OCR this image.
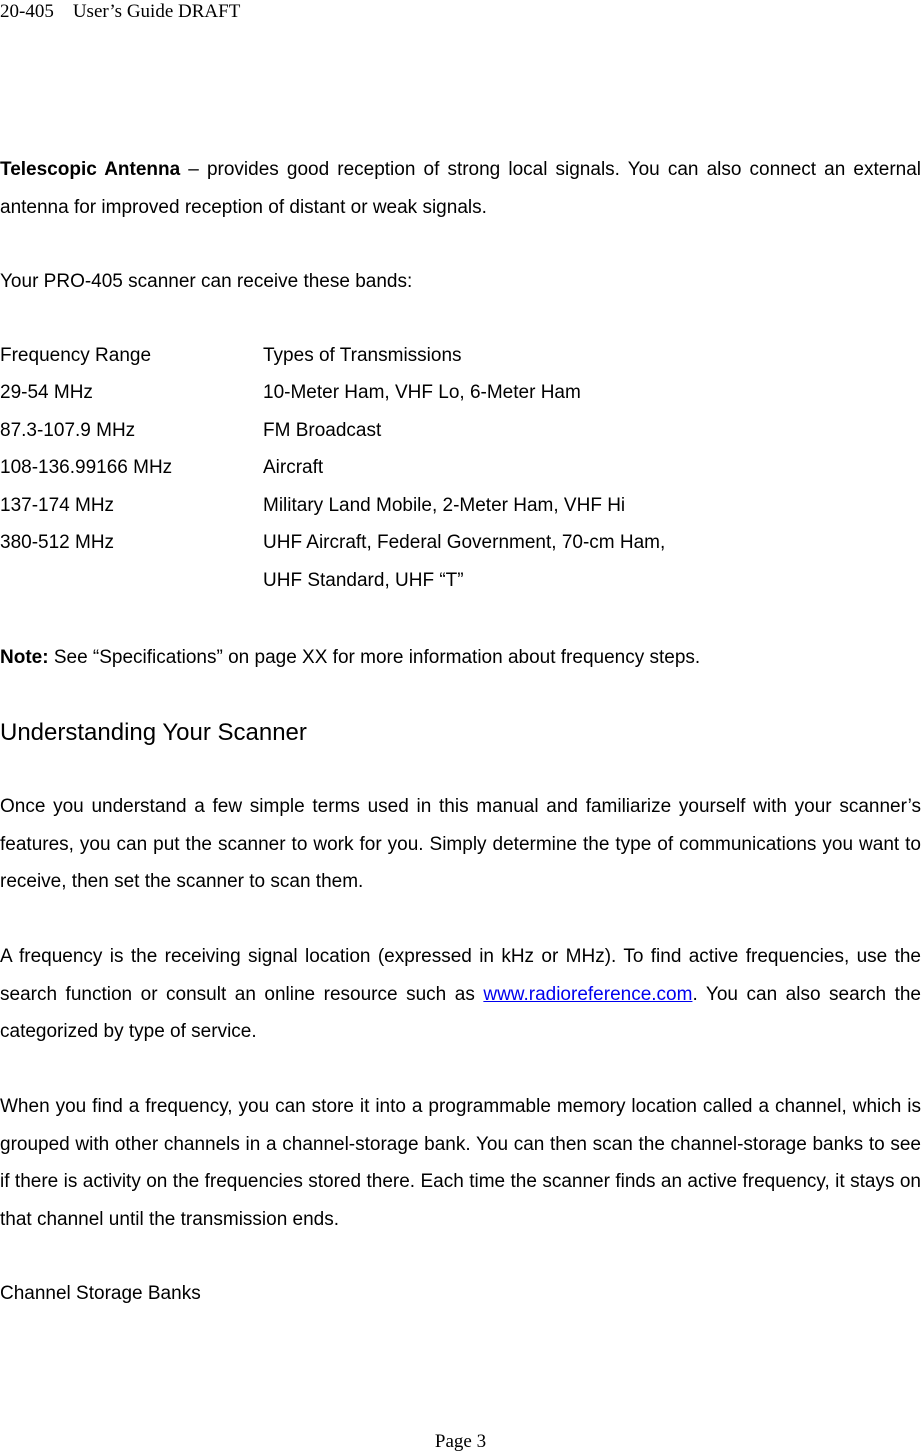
20-405　User’s Guide DRAFT

Telescopic Antenna – provides good reception of strong local signals. You can also connect an external antenna for improved reception of distant or weak signals.

Your PRO-405 scanner can receive these bands:

Frequency Range	Types of Transmissions
29-54 MHz	10-Meter Ham, VHF Lo, 6-Meter Ham
87.3-107.9 MHz	FM Broadcast
108-136.99166 MHz	Aircraft
137-174 MHz	Military Land Mobile, 2-Meter Ham, VHF Hi
380-512 MHz	UHF Aircraft, Federal Government, 70-cm Ham,
UHF Standard, UHF “T”

Note: See “Specifications” on page XX for more information about frequency steps.

Understanding Your Scanner

Once you understand a few simple terms used in this manual and familiarize yourself with your scanner’s features, you can put the scanner to work for you. Simply determine the type of communications you want to receive, then set the scanner to scan them.

A frequency is the receiving signal location (expressed in kHz or MHz). To find active frequencies, use the search function or consult an online resource such as www.radioreference.com. You can also search the categorized by type of service.

When you find a frequency, you can store it into a programmable memory location called a channel, which is grouped with other channels in a channel-storage bank. You can then scan the channel-storage banks to see if there is activity on the frequencies stored there. Each time the scanner finds an active frequency, it stays on that channel until the transmission ends.

Channel Storage Banks

Page 3
